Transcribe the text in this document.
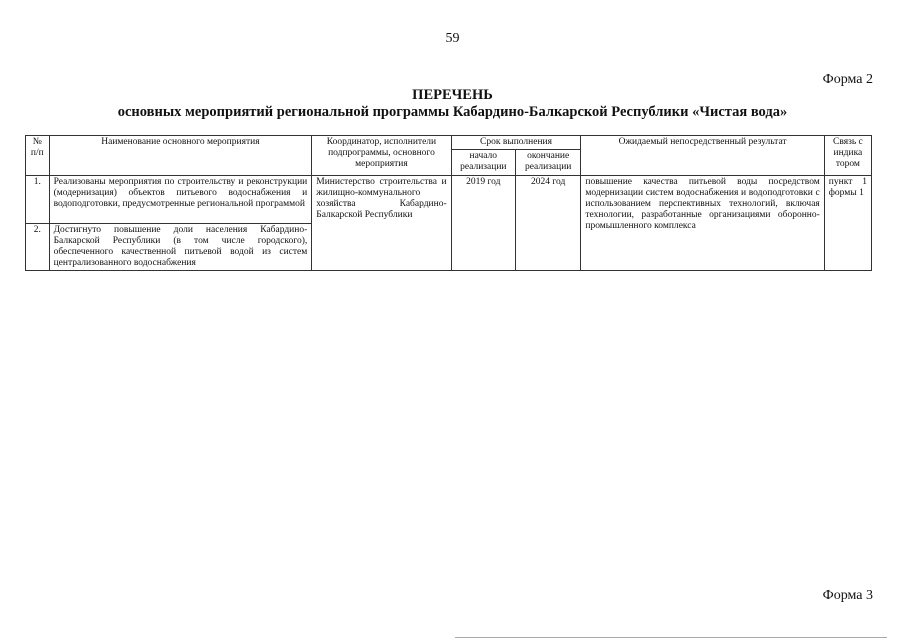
59
Форма 2
ПЕРЕЧЕНЬ
основных мероприятий региональной программы Кабардино-Балкарской Республики «Чистая вода»
№ п/п	Наименование основного мероприятия	Координатор, исполнители подпрограммы, основного мероприятия	Срок выполнения		Ожидаемый непосредственный результат	Связь с индика тором
			начало реализации	окончание реализации		
1.	Реализованы мероприятия по строительству и реконструкции (модернизация) объектов питьевого водоснабжения и водоподготовки, предусмотренные региональной программой	Министерство строительства и жилищно-коммунального хозяйства Кабардино-Балкарской Республики	2019 год	2024 год	повышение качества питьевой воды посредством модернизации систем водоснабжения и водоподготовки с использованием перспективных технологий, включая технологии, разработанные организациями оборонно-промышленного комплекса	пункт 1 формы 1
2.	Достигнуто повышение доли населения Кабардино-Балкарской Республики (в том числе городского), обеспеченного качественной питьевой водой из систем централизованного водоснабжения					
Форма 3
